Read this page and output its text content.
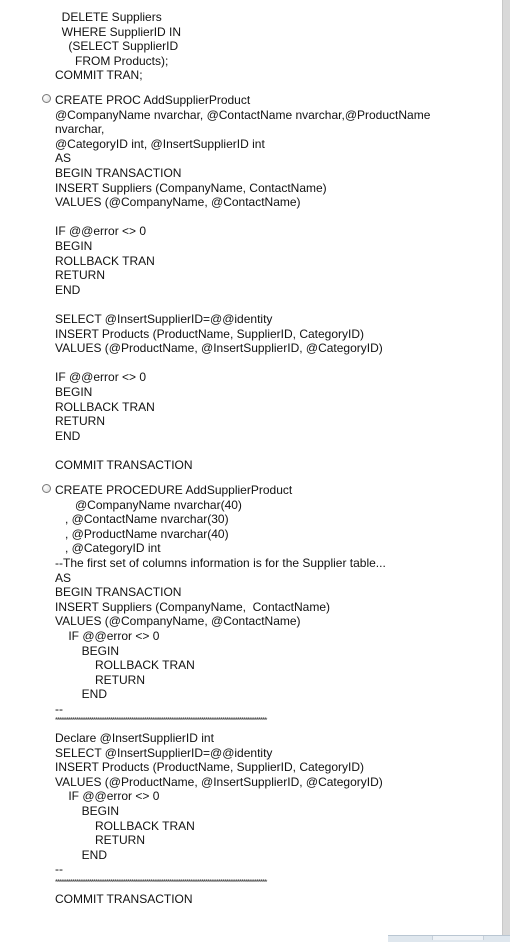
DELETE Suppliers
WHERE SupplierID IN
(SELECT SupplierID
FROM Products);
COMMIT TRAN;
CREATE PROC AddSupplierProduct
@CompanyName nvarchar, @ContactName nvarchar,@ProductName
nvarchar,
@CategoryID int, @InsertSupplierID int
AS
BEGIN TRANSACTION
INSERT Suppliers (CompanyName, ContactName)
VALUES (@CompanyName, @ContactName)
IF @@error <> 0
BEGIN
ROLLBACK TRAN
RETURN
END
SELECT @InsertSupplierID=@@identity
INSERT Products (ProductName, SupplierID, CategoryID)
VALUES (@ProductName, @InsertSupplierID, @CategoryID)
IF @@error <> 0
BEGIN
ROLLBACK TRAN
RETURN
END
COMMIT TRANSACTION
CREATE PROCEDURE AddSupplierProduct
@CompanyName nvarchar(40)
, @ContactName nvarchar(30)
, @ProductName nvarchar(40)
, @CategoryID int
--The first set of columns information is for the Supplier table...
AS
BEGIN TRANSACTION
INSERT Suppliers (CompanyName,  ContactName)
VALUES (@CompanyName, @ContactName)
IF @@error <> 0
BEGIN
ROLLBACK TRAN
RETURN
END
--
****************************************************************************************************
Declare @InsertSupplierID int
SELECT @InsertSupplierID=@@identity
INSERT Products (ProductName, SupplierID, CategoryID)
VALUES (@ProductName, @InsertSupplierID, @CategoryID)
IF @@error <> 0
BEGIN
ROLLBACK TRAN
RETURN
END
--
****************************************************************************************************
COMMIT TRANSACTION
